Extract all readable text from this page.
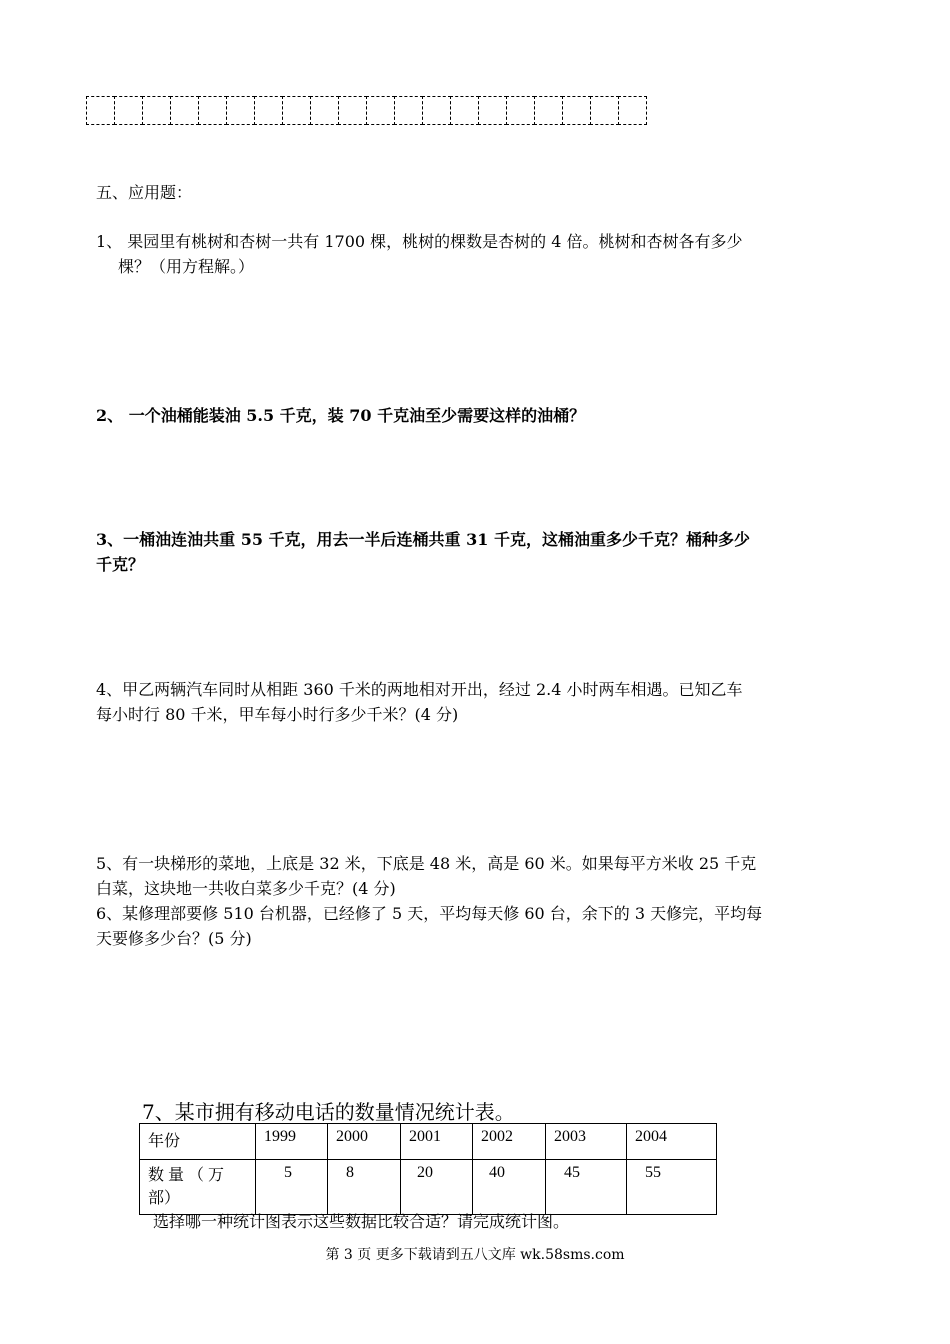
五、应用题：
1、 果园里有桃树和杏树一共有 1700 棵，桃树的棵数是杏树的 4 倍。桃树和杏树各有多少
棵？（用方程解。）
2、 一个油桶能装油 5.5 千克，装 70 千克油至少需要这样的油桶？
3、一桶油连油共重 55 千克，用去一半后连桶共重 31 千克，这桶油重多少千克？桶种多少
千克？
4、甲乙两辆汽车同时从相距 360 千米的两地相对开出，经过 2.4 小时两车相遇。已知乙车
每小时行 80 千米，甲车每小时行多少千米？(4 分)
5、有一块梯形的菜地，上底是 32 米，下底是 48 米，高是 60 米。如果每平方米收 25 千克
白菜，这块地一共收白菜多少千克？(4 分)
6、某修理部要修 510 台机器，已经修了 5 天，平均每天修 60 台，余下的 3 天修完，平均每
天要修多少台？(5 分)
7、某市拥有移动电话的数量情况统计表。
年份	1999	2000	2001	2002	2003	2004
数 量 （ 万 部）	5	8	20	40	45	55
选择哪一种统计图表示这些数据比较合适？请完成统计图。
第 3 页 更多下载请到五八文库 wk.58sms.com
